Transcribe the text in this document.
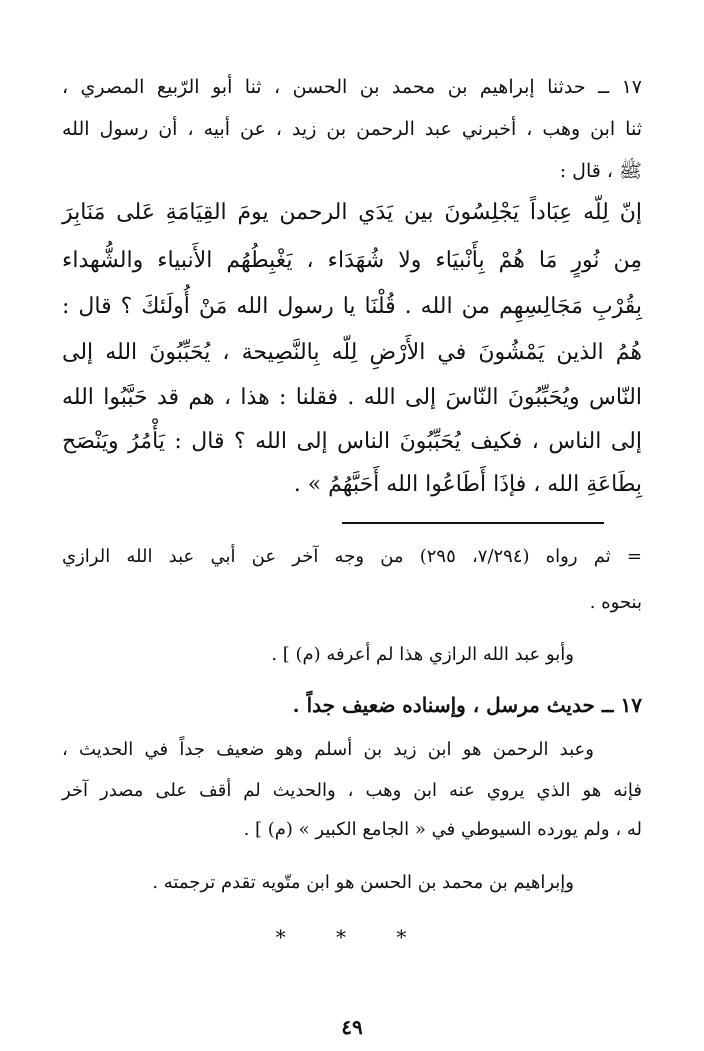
١٧ ــ حدثنا إبراهيم بن محمد بن الحسن ، ثنا أبو الرّبيع المصري ،
ثنا ابن وهب ، أخبرني عبد الرحمن بن زيد ، عن أبيه ، أن رسول الله
ﷺ ، قال :
إنّ لِلّه عِبَاداً يَجْلِسُونَ بين يَدَي الرحمن يومَ القِيَامَةِ عَلى مَنَابِرَ
مِن نُورٍ مَا هُمْ بِأَنْبيَاء ولا شُهَدَاء ، يَغْبِطُهُم الأَنبياء والشُّهداء
بِقُرْبِ مَجَالِسِهِم من الله . قُلْنَا يا رسول الله مَنْ أُولَئكَ ؟ قال :
هُمُ الذين يَمْشُونَ في الأَرْضِ لِلّه بِالنَّصِيحة ، يُحَبِّبُونَ الله إلى
النّاس ويُحَبِّبُونَ النّاسَ إلى الله . فقلنا : هذا ، هم قد حَبَّبُوا الله
إلى الناس ، فكيف يُحَبِّبُونَ الناس إلى الله ؟ قال : يَأْمُرُ ويَنْصَح
بِطَاعَةِ الله ، فإذَا أَطَاعُوا الله أَحَبَّهُمُ » .
= ثم رواه (٧/٢٩٤، ٢٩٥) من وجه آخر عن أبي عبد الله الرازي
بنحوه .
وأبو عبد الله الرازي هذا لم أعرفه (م) ] .
١٧ ــ حديث مرسل ، وإسناده ضعيف جداً .
وعبد الرحمن هو ابن زيد بن أسلم وهو ضعيف جداً في الحديث ،
فإنه هو الذي يروي عنه ابن وهب ، والحديث لم أقف على مصدر آخر
له ، ولم يورده السيوطي في « الجامع الكبير » (م) ] .
وإبراهيم بن محمد بن الحسن هو ابن متّويه تقدم ترجمته .
* * *
٤٩
